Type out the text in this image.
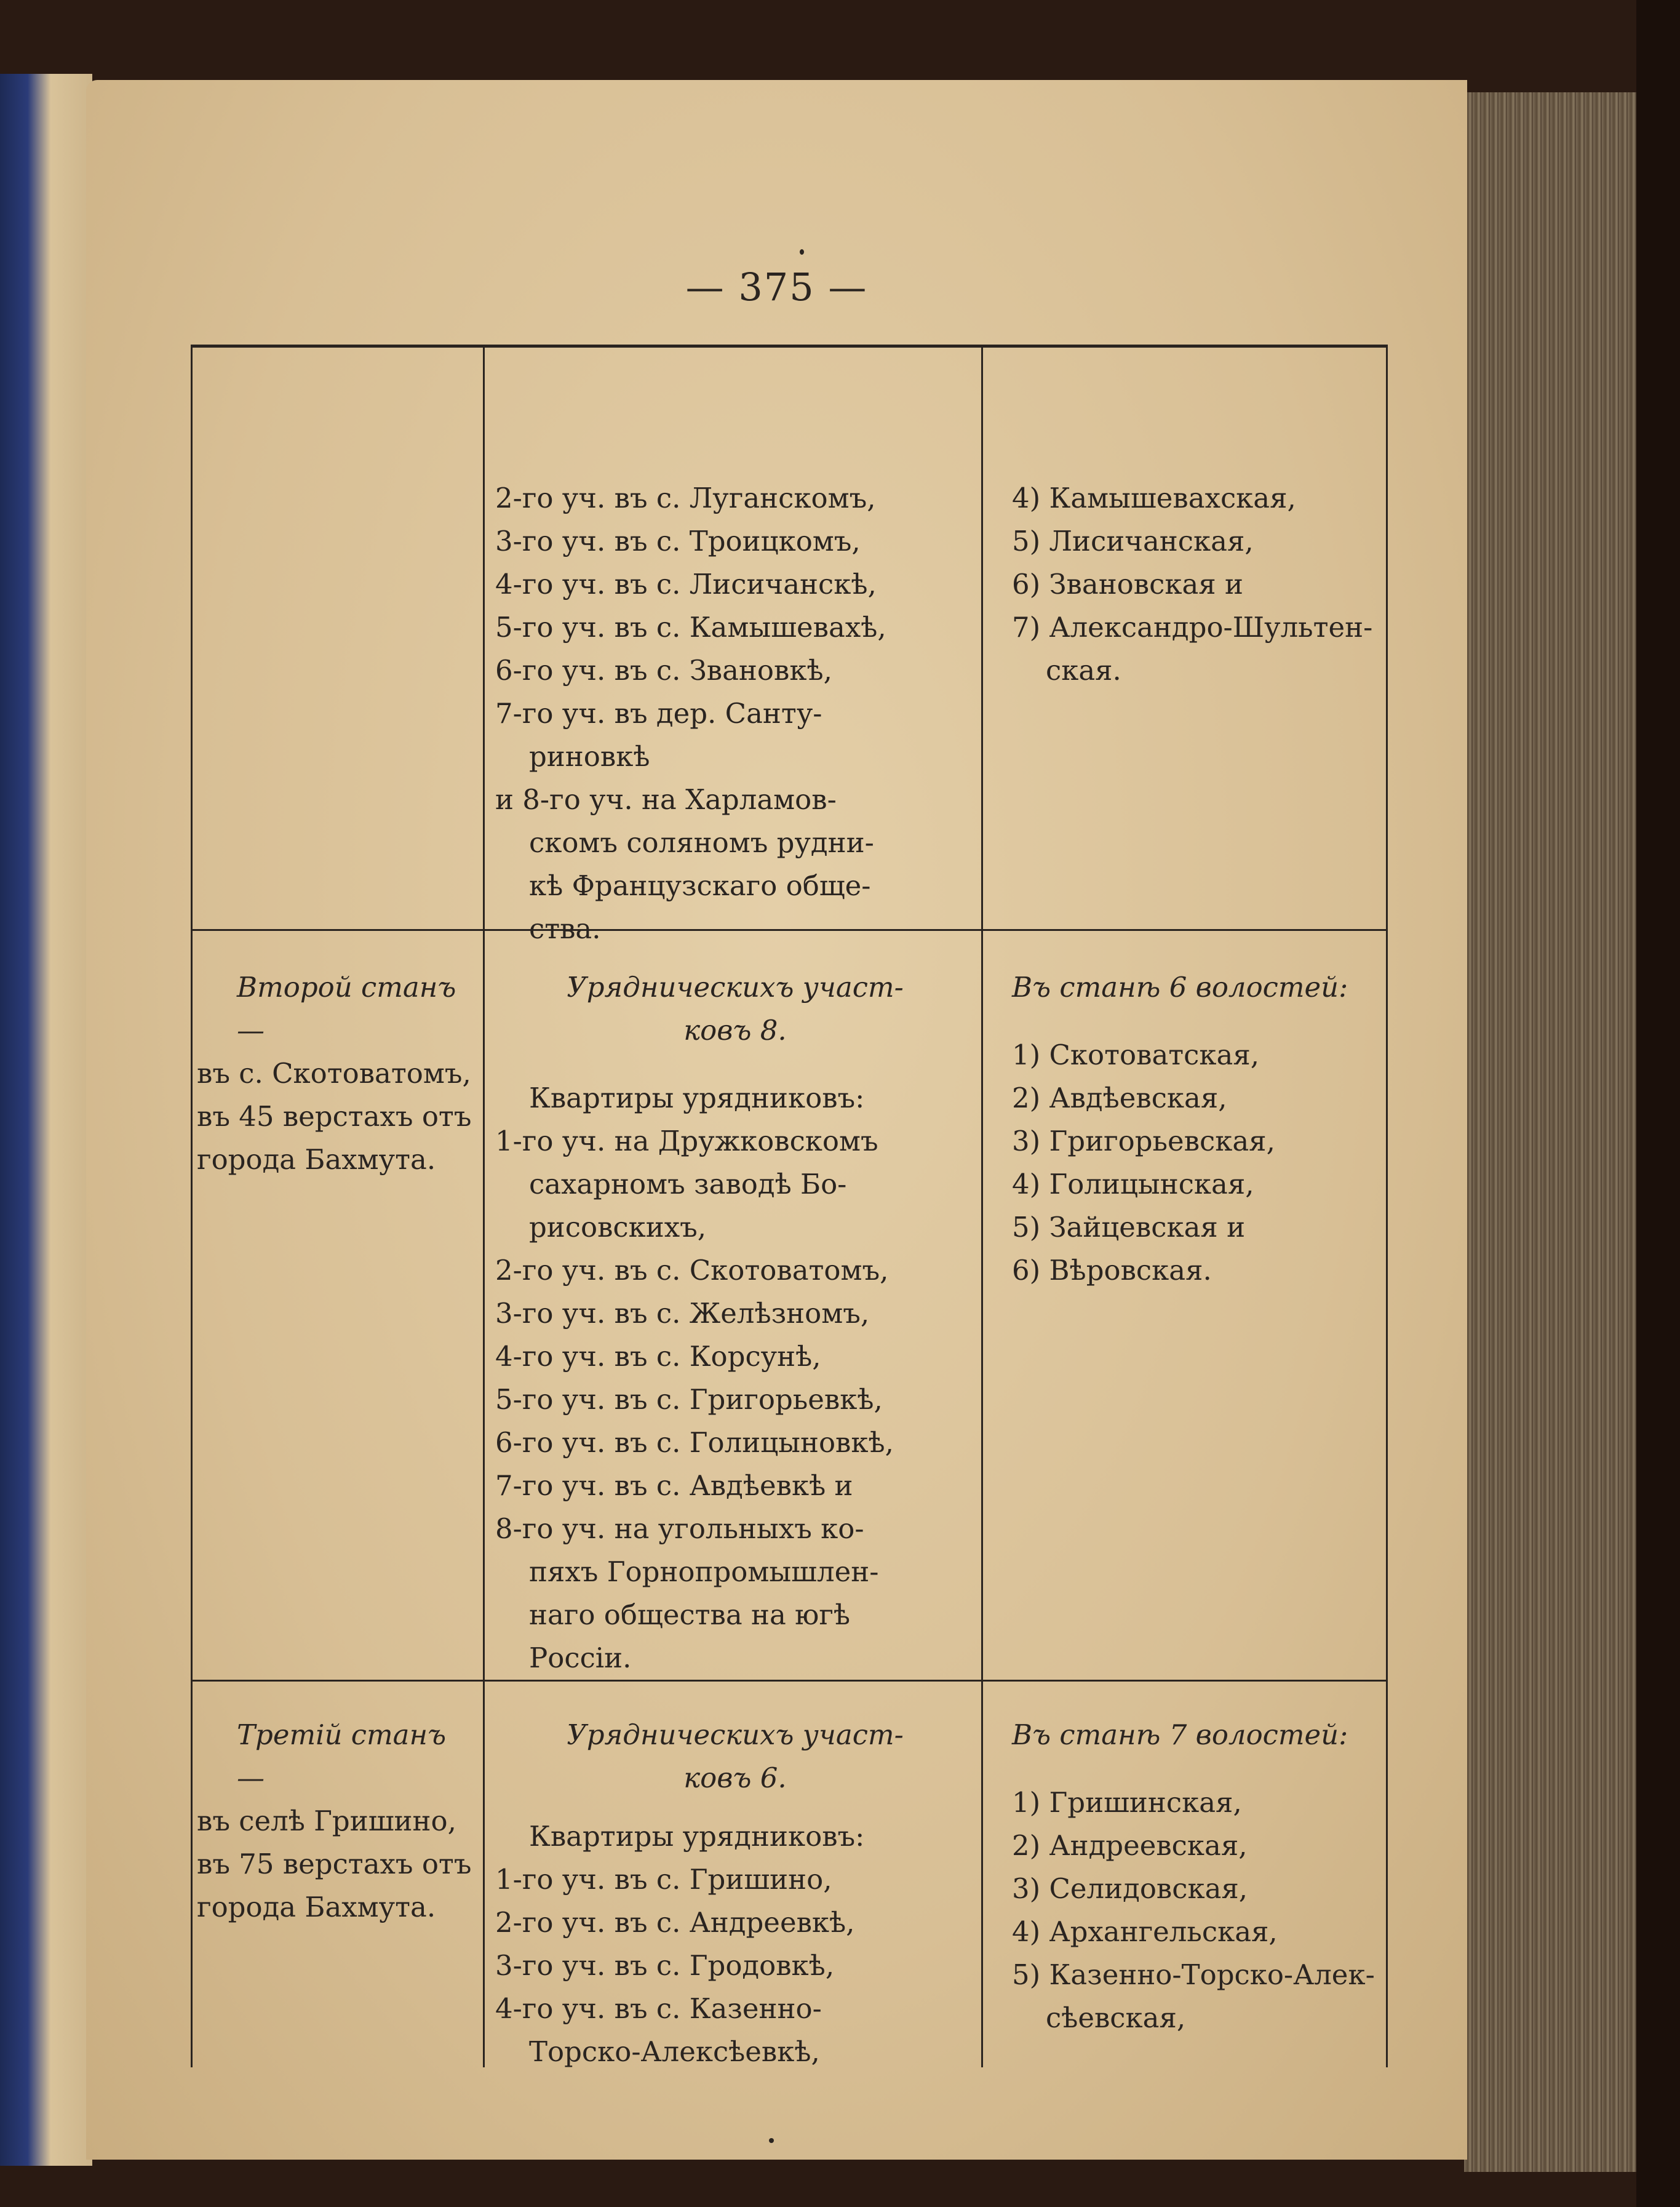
— 375 —
2-го уч. въ с. Луганскомъ,
3-го уч. въ с. Троицкомъ,
4-го уч. въ с. Лисичанскѣ,
5-го уч. въ с. Камышевахѣ,
6-го уч. въ с. Звановкѣ,
7-го уч. въ дер. Санту-
риновкѣ
и 8-го уч. на Харламов-
скомъ соляномъ рудни-
кѣ Французскаго обще-
ства.
4) Камышевахская,
5) Лисичанская,
6) Звановская и
7) Александро-Шультен-
ская.
Второй станъ —
въ с. Скотоватомъ,
въ 45 верстахъ отъ
города Бахмута.
Урядническихъ участ-
ковъ 8.
Квартиры урядниковъ:
1-го уч. на Дружковскомъ
сахарномъ заводѣ Бо-
рисовскихъ,
2-го уч. въ с. Скотоватомъ,
3-го уч. въ с. Желѣзномъ,
4-го уч. въ с. Корсунѣ,
5-го уч. въ с. Григорьевкѣ,
6-го уч. въ с. Голицыновкѣ,
7-го уч. въ с. Авдѣевкѣ и
8-го уч. на угольныхъ ко-
пяхъ Горнопромышлен-
наго общества на югѣ
Россіи.
Въ станѣ 6 волостей:
1) Скотоватская,
2) Авдѣевская,
3) Григорьевская,
4) Голицынская,
5) Зайцевская и
6) Вѣровская.
Третій станъ —
въ селѣ Гришино,
въ 75 верстахъ отъ
города Бахмута.
Урядническихъ участ-
ковъ 6.
Квартиры урядниковъ:
1-го уч. въ с. Гришино,
2-го уч. въ с. Андреевкѣ,
3-го уч. въ с. Гродовкѣ,
4-го уч. въ с. Казенно-
Торско-Алексѣевкѣ,
Въ станѣ 7 волостей:
1) Гришинская,
2) Андреевская,
3) Селидовская,
4) Архангельская,
5) Казенно-Торско-Алек-
сѣевская,
